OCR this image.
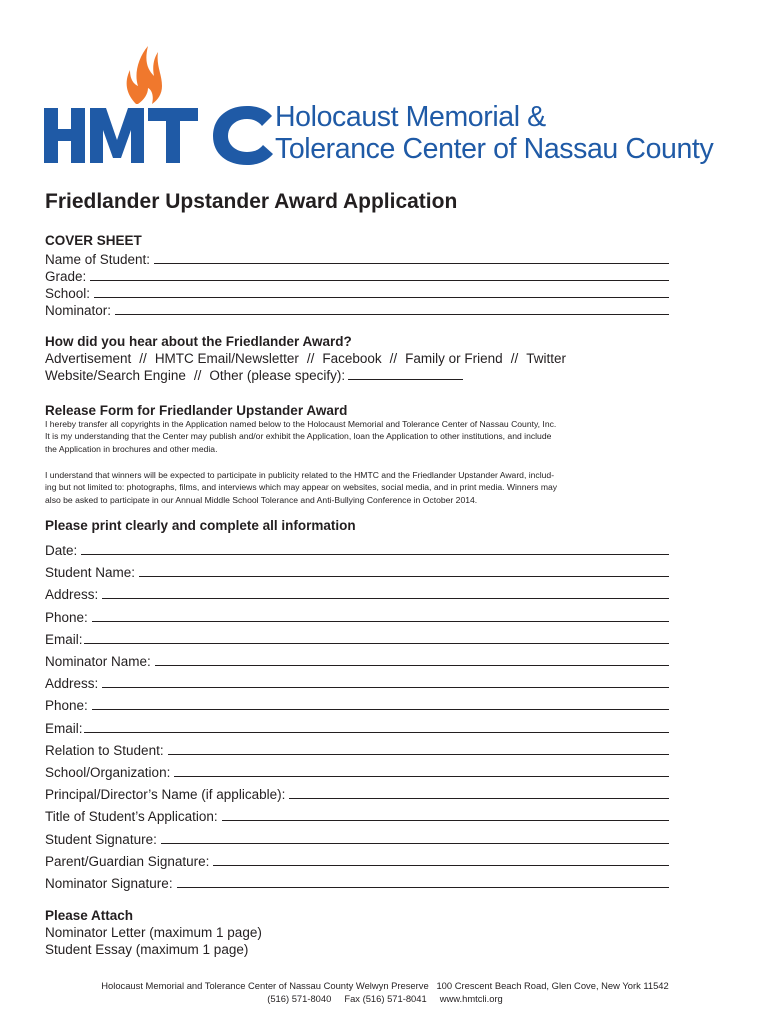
Holocaust Memorial &
Tolerance Center of Nassau County
Friedlander Upstander Award Application
COVER SHEET
Name of Student:
Grade:
School:
Nominator:
How did you hear about the Friedlander Award?
Advertisement // HMTC Email/Newsletter // Facebook // Family or Friend // Twitter
Website/Search Engine // Other (please specify):
Release Form for Friedlander Upstander Award
I hereby transfer all copyrights in the Application named below to the Holocaust Memorial and Tolerance Center of Nassau County, Inc.
It is my understanding that the Center may publish and/or exhibit the Application, loan the Application to other institutions, and include
the Application in brochures and other media.
I understand that winners will be expected to participate in publicity related to the HMTC and the Friedlander Upstander Award, includ-
ing but not limited to: photographs, films, and interviews which may appear on websites, social media, and in print media. Winners may
also be asked to participate in our Annual Middle School Tolerance and Anti-Bullying Conference in October 2014.
Please print clearly and complete all information
Date:
Student Name:
Address:
Phone:
Email:
Nominator Name:
Address:
Phone:
Email:
Relation to Student:
School/Organization:
Principal/Director’s Name (if applicable):
Title of Student’s Application:
Student Signature:
Parent/Guardian Signature:
Nominator Signature:
Please Attach
Nominator Letter (maximum 1 page)
Student Essay (maximum 1 page)
Holocaust Memorial and Tolerance Center of Nassau County Welwyn Preserve   100 Crescent Beach Road, Glen Cove, New York 11542
(516) 571-8040     Fax (516) 571-8041     www.hmtcli.org
